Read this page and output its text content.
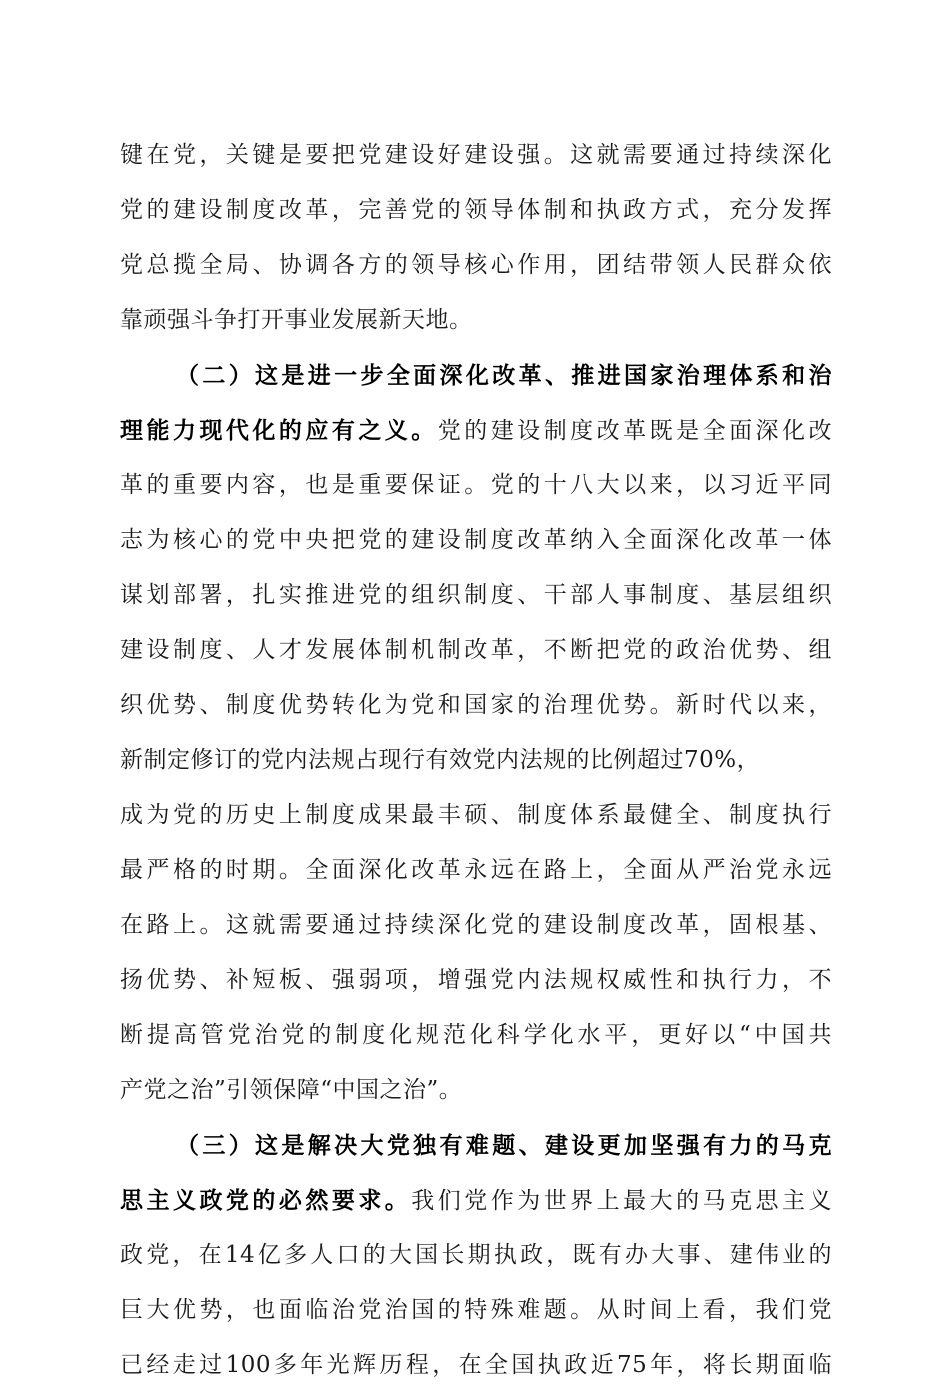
键在党，关键是要把党建设好建设强。这就需要通过持续深化
党的建设制度改革，完善党的领导体制和执政方式，充分发挥
党总揽全局、协调各方的领导核心作用，团结带领人民群众依
靠顽强斗争打开事业发展新天地。
（二）这是进一步全面深化改革、推进国家治理体系和治
理能力现代化的应有之义。党的建设制度改革既是全面深化改
革的重要内容，也是重要保证。党的十八大以来，以习近平同
志为核心的党中央把党的建设制度改革纳入全面深化改革一体
谋划部署，扎实推进党的组织制度、干部人事制度、基层组织
建设制度、人才发展体制机制改革，不断把党的政治优势、组
织优势、制度优势转化为党和国家的治理优势。新时代以来，
新制定修订的党内法规占现行有效党内法规的比例超过70%，
成为党的历史上制度成果最丰硕、制度体系最健全、制度执行
最严格的时期。全面深化改革永远在路上，全面从严治党永远
在路上。这就需要通过持续深化党的建设制度改革，固根基、
扬优势、补短板、强弱项，增强党内法规权威性和执行力，不
断提高管党治党的制度化规范化科学化水平，更好以“中国共
产党之治”引领保障“中国之治”。
（三）这是解决大党独有难题、建设更加坚强有力的马克
思主义政党的必然要求。我们党作为世界上最大的马克思主义
政党，在14亿多人口的大国长期执政，既有办大事、建伟业的
巨大优势，也面临治党治国的特殊难题。从时间上看，我们党
已经走过100多年光辉历程，在全国执政近75年，将长期面临
